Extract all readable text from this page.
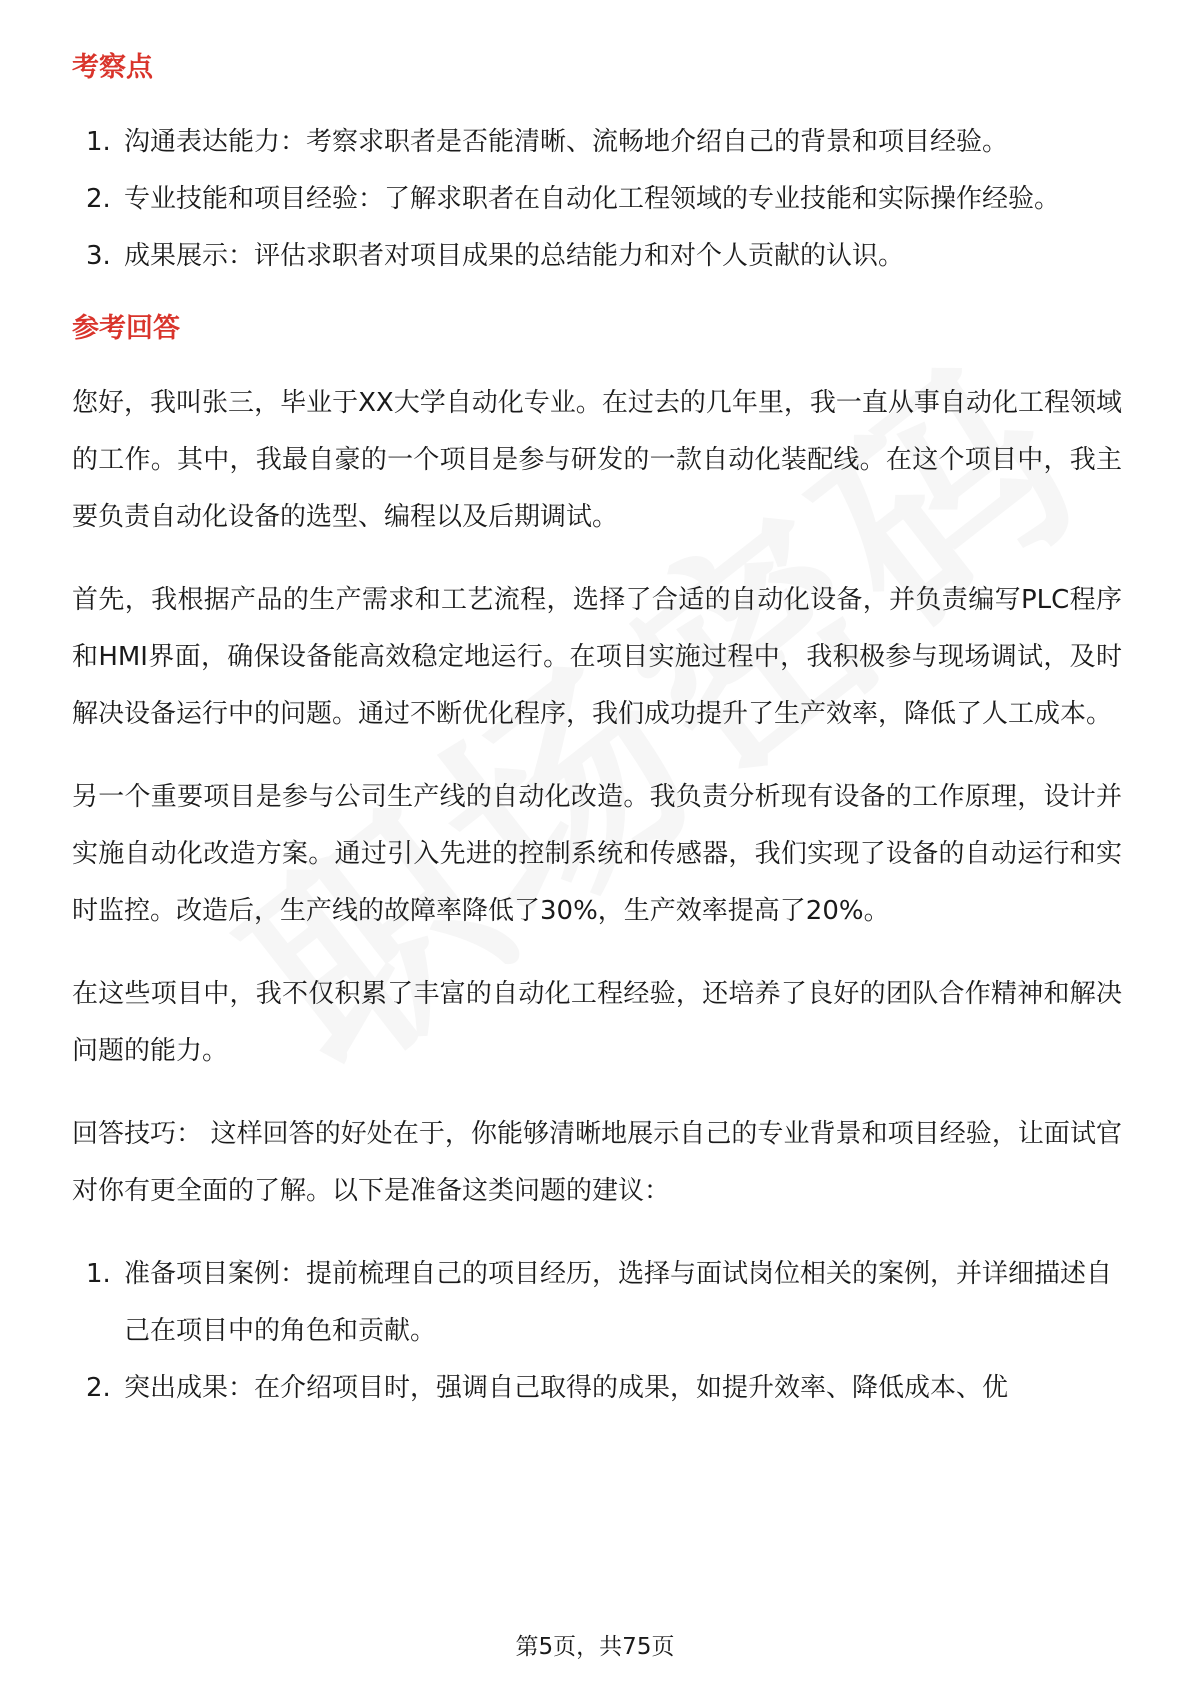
考察点
1. 沟通表达能力：考察求职者是否能清晰、流畅地介绍自己的背景和项目经验。
2. 专业技能和项目经验：了解求职者在自动化工程领域的专业技能和实际操作经验。
3. 成果展示：评估求职者对项目成果的总结能力和对个人贡献的认识。
参考回答

您好，我叫张三，毕业于XX大学自动化专业。在过去的几年里，我一直从事自动化工程领域的工作。其中，我最自豪的一个项目是参与研发的一款自动化装配线。在这个项目中，我主要负责自动化设备的选型、编程以及后期调试。

首先，我根据产品的生产需求和工艺流程，选择了合适的自动化设备，并负责编写PLC程序和HMI界面，确保设备能高效稳定地运行。在项目实施过程中，我积极参与现场调试，及时解决设备运行中的问题。通过不断优化程序，我们成功提升了生产效率，降低了人工成本。

另一个重要项目是参与公司生产线的自动化改造。我负责分析现有设备的工作原理，设计并实施自动化改造方案。通过引入先进的控制系统和传感器，我们实现了设备的自动运行和实时监控。改造后，生产线的故障率降低了30%，生产效率提高了20%。

在这些项目中，我不仅积累了丰富的自动化工程经验，还培养了良好的团队合作精神和解决问题的能力。

回答技巧： 这样回答的好处在于，你能够清晰地展示自己的专业背景和项目经验，让面试官对你有更全面的了解。以下是准备这类问题的建议：

1. 准备项目案例：提前梳理自己的项目经历，选择与面试岗位相关的案例，并详细描述自己在项目中的角色和贡献。
2. 突出成果：在介绍项目时，强调自己取得的成果，如提升效率、降低成本、优
第5页，共75页
